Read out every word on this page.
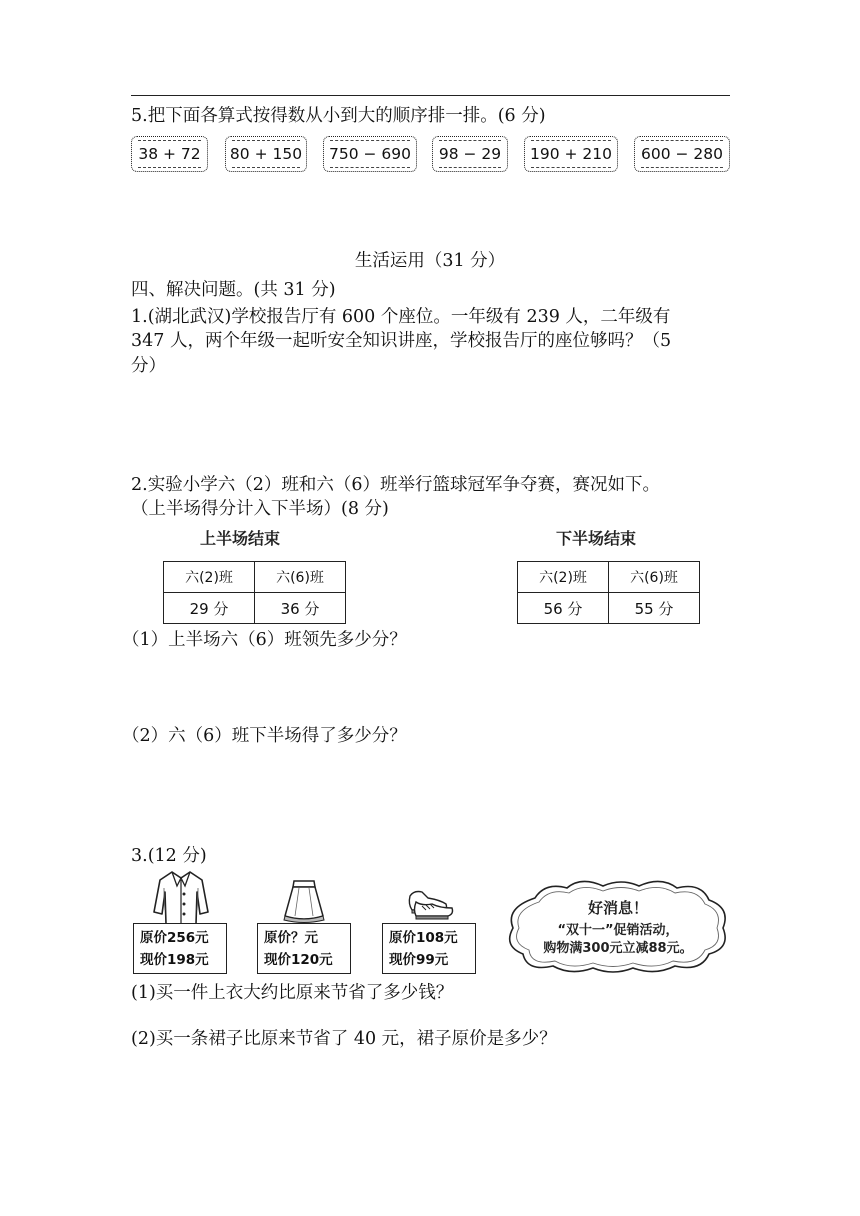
5.把下面各算式按得数从小到大的顺序排一排。(6 分)
38 + 72	80 + 150	750 − 690	98 − 29	190 + 210	600 − 280
生活运用（31 分）
四、解决问题。(共 31 分)
1.(湖北武汉)学校报告厅有 600 个座位。一年级有 239 人，二年级有
347 人，两个年级一起听安全知识讲座，学校报告厅的座位够吗？（5
分）
2.实验小学六（2）班和六（6）班举行篮球冠军争夺赛，赛况如下。
（上半场得分计入下半场）(8 分)
上半场结束
六(2)班	六(6)班
29 分	36 分
下半场结束
六(2)班	六(6)班
56 分	55 分
（1）上半场六（6）班领先多少分？
（2）六（6）班下半场得了多少分？
3.(12 分)
原价256元
现价198元
原价？元
现价120元
原价108元
现价99元
好消息！
“双十一”促销活动，
购物满300元立减88元。
(1)买一件上衣大约比原来节省了多少钱？
(2)买一条裙子比原来节省了 40 元，裙子原价是多少？
